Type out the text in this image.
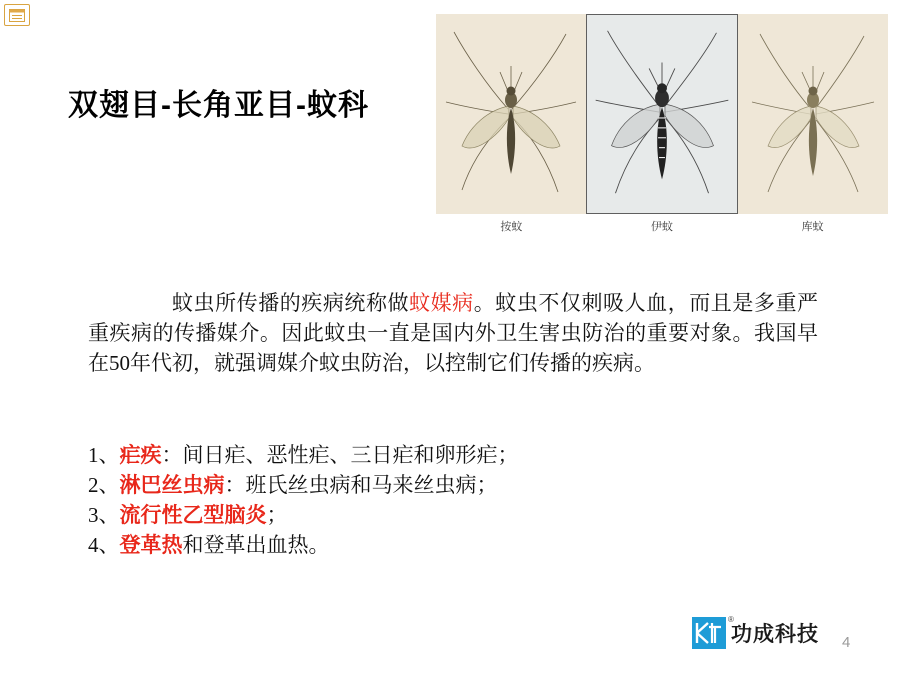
双翅目-长角亚目-蚊科
按蚊	伊蚊	库蚊
蚊虫所传播的疾病统称做蚊媒病。蚊虫不仅刺吸人血，而且是多重严重疾病的传播媒介。因此蚊虫一直是国内外卫生害虫防治的重要对象。我国早在50年代初，就强调媒介蚊虫防治，以控制它们传播的疾病。
1、疟疾：间日疟、恶性疟、三日疟和卵形疟；
2、淋巴丝虫病：班氏丝虫病和马来丝虫病；
3、流行性乙型脑炎；
4、登革热和登革出血热。
®
功成科技 4
